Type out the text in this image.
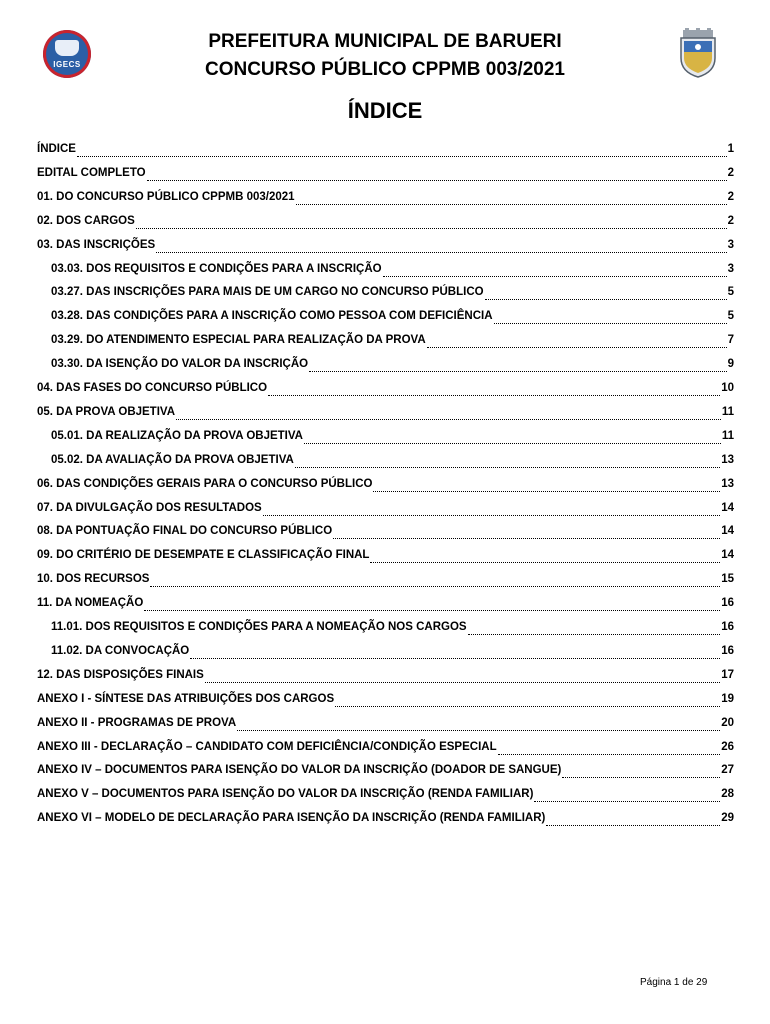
IGECS
PREFEITURA MUNICIPAL DE BARUERI
CONCURSO PÚBLICO CPPMB 003/2021
ÍNDICE
ÍNDICE	1
EDITAL COMPLETO	2
01. DO CONCURSO PÚBLICO CPPMB 003/2021	2
02. DOS CARGOS	2
03. DAS INSCRIÇÕES	3
03.03. DOS REQUISITOS E CONDIÇÕES PARA A INSCRIÇÃO	3
03.27. DAS INSCRIÇÕES PARA MAIS DE UM CARGO NO CONCURSO PÚBLICO	5
03.28. DAS CONDIÇÕES PARA A INSCRIÇÃO COMO PESSOA COM DEFICIÊNCIA	5
03.29. DO ATENDIMENTO ESPECIAL PARA REALIZAÇÃO DA PROVA	7
03.30. DA ISENÇÃO DO VALOR DA INSCRIÇÃO	9
04. DAS FASES DO CONCURSO PÚBLICO	10
05. DA PROVA OBJETIVA	11
05.01. DA REALIZAÇÃO DA PROVA OBJETIVA	11
05.02. DA AVALIAÇÃO DA PROVA OBJETIVA	13
06. DAS CONDIÇÕES GERAIS PARA O CONCURSO PÚBLICO	13
07. DA DIVULGAÇÃO DOS RESULTADOS	14
08. DA PONTUAÇÃO FINAL DO CONCURSO PÚBLICO	14
09. DO CRITÉRIO DE DESEMPATE E CLASSIFICAÇÃO FINAL	14
10. DOS RECURSOS	15
11. DA NOMEAÇÃO	16
11.01. DOS REQUISITOS E CONDIÇÕES PARA A NOMEAÇÃO NOS CARGOS	16
11.02. DA CONVOCAÇÃO	16
12. DAS DISPOSIÇÕES FINAIS	17
ANEXO I - SÍNTESE DAS ATRIBUIÇÕES DOS CARGOS	19
ANEXO II - PROGRAMAS DE PROVA	20
ANEXO III - DECLARAÇÃO – CANDIDATO COM DEFICIÊNCIA/CONDIÇÃO ESPECIAL	26
ANEXO IV – DOCUMENTOS PARA ISENÇÃO DO VALOR DA INSCRIÇÃO (DOADOR DE SANGUE)	27
ANEXO V – DOCUMENTOS PARA ISENÇÃO DO VALOR DA INSCRIÇÃO (RENDA FAMILIAR)	28
ANEXO VI – MODELO DE DECLARAÇÃO PARA ISENÇÃO DA INSCRIÇÃO (RENDA FAMILIAR)	29
Página 1 de 29
